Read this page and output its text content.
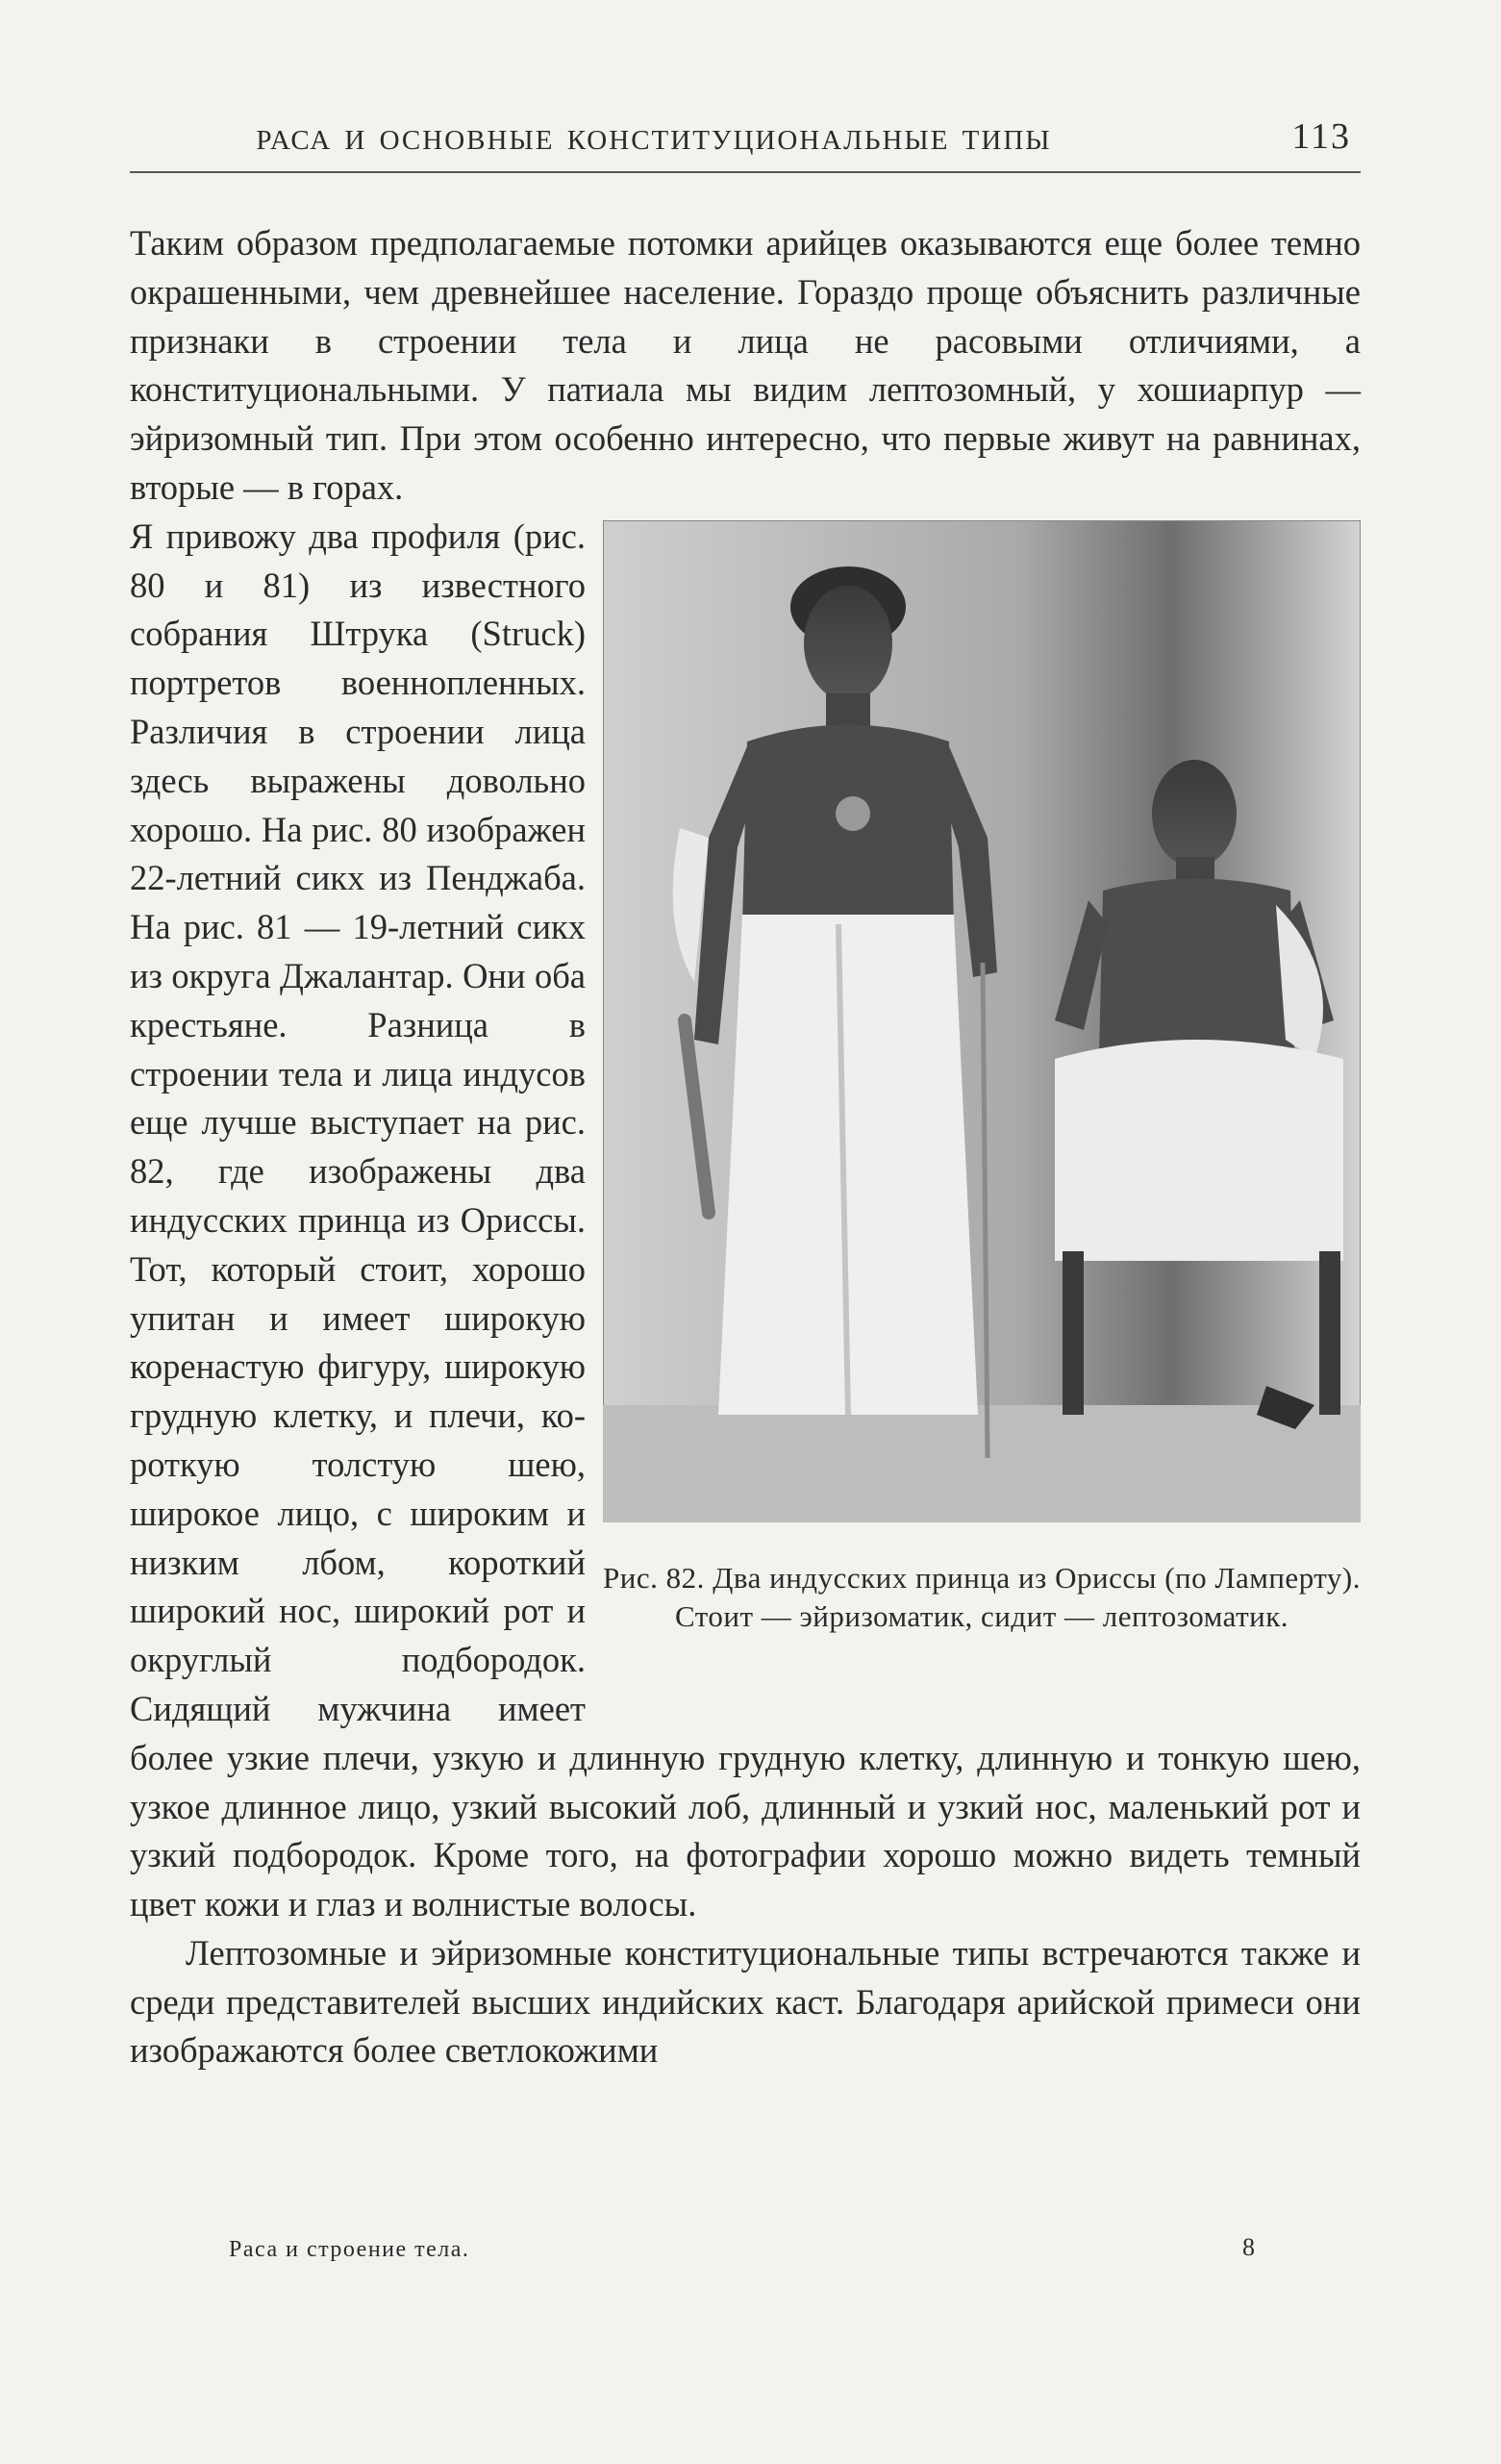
РАСА И ОСНОВНЫЕ КОНСТИТУЦИОНАЛЬНЫЕ ТИПЫ	113

Таким образом предполагаемые потомки арийцев оказываются еще более темно окрашенными, чем древнейшее население. Гораздо проще объяснить различные признаки в строении тела и лица не расовыми отличиями, а конституциональными. У патиала мы видим лептозомный, у хошиарпур — эйризомный тип. При этом особенно интересно, что первые живут на равнинах, вторые — в горах.

Рис. 82. Два индусских принца из Ориссы (по Ламперту). Стоит — эйризоматик, сидит — лептозоматик.

Я привожу два профиля (рис. 80 и 81) из известного собрания Штрука (Struck) портретов военнопленных. Различия в строении лица здесь выражены довольно хорошо. На рис. 80 изображен 22-летний сикх из Пенджаба. На рис. 81 — 19-летний сикх из округа Джалантар. Они оба крестьяне. Разница в строении тела и лица индусов еще лучше выступает на рис. 82, где изображены два индусских принца из Ориссы. Тот, который стоит, хорошо упитан и имеет широкую коренастую фигуру, широкую грудную клетку, и плечи, короткую толстую шею, широкое лицо, с широким и низким лбом, короткий широкий нос, широкий рот и округлый подбородок. Сидящий мужчина имеет более узкие плечи, узкую и длинную грудную клетку, длинную и тонкую шею, узкое длинное лицо, узкий высокий лоб, длинный и узкий нос, маленький рот и узкий подбородок. Кроме того, на фотографии хорошо можно видеть темный цвет кожи и глаз и волнистые волосы.

Лептозомные и эйризомные конституциональные типы встречаются также и среди представителей высших индийских каст. Благодаря арийской примеси они изображаются более светлокожими

Раса и строение тела.	8
